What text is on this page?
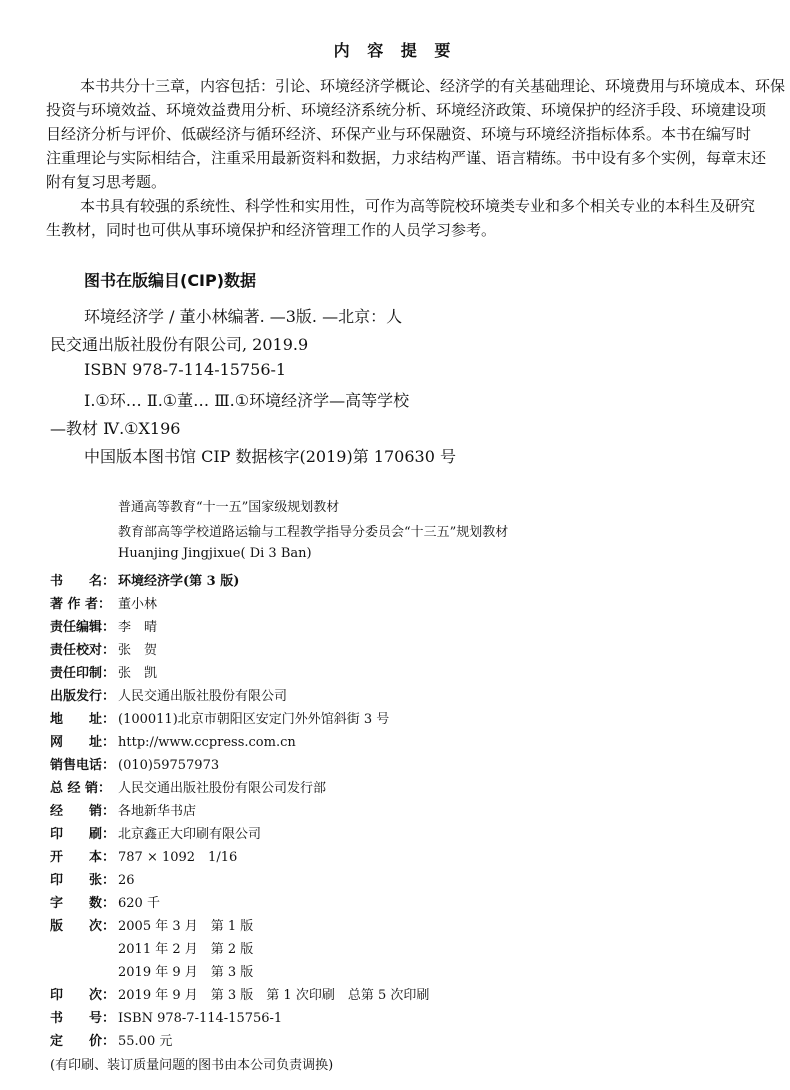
内 容 提 要
本书共分十三章，内容包括：引论、环境经济学概论、经济学的有关基础理论、环境费用与环境成本、环保
投资与环境效益、环境效益费用分析、环境经济系统分析、环境经济政策、环境保护的经济手段、环境建设项
目经济分析与评价、低碳经济与循环经济、环保产业与环保融资、环境与环境经济指标体系。本书在编写时
注重理论与实际相结合，注重采用最新资料和数据，力求结构严谨、语言精练。书中设有多个实例，每章末还
附有复习思考题。
本书具有较强的系统性、科学性和实用性，可作为高等院校环境类专业和多个相关专业的本科生及研究
生教材，同时也可供从事环境保护和经济管理工作的人员学习参考。
图书在版编目(CIP)数据
环境经济学 / 董小林编著. —3版. —北京：人
民交通出版社股份有限公司, 2019.9
ISBN 978-7-114-15756-1
Ⅰ.①环… Ⅱ.①董… Ⅲ.①环境经济学—高等学校
—教材 Ⅳ.①X196
中国版本图书馆 CIP 数据核字(2019)第 170630 号
普通高等教育“十一五”国家级规划教材
教育部高等学校道路运输与工程教学指导分委员会“十三五”规划教材
Huanjing Jingjixue( Di 3 Ban)
书　　名： 环境经济学(第 3 版)
著 作 者： 董小林
责任编辑： 李　晴
责任校对： 张　贺
责任印制： 张　凯
出版发行： 人民交通出版社股份有限公司
地　　址： (100011)北京市朝阳区安定门外外馆斜街 3 号
网　　址： http://www.ccpress.com.cn
销售电话： (010)59757973
总 经 销： 人民交通出版社股份有限公司发行部
经　　销： 各地新华书店
印　　刷： 北京鑫正大印刷有限公司
开　　本： 787 × 1092　1/16
印　　张： 26
字　　数： 620 千
版　　次： 2005 年 3 月　第 1 版
2011 年 2 月　第 2 版
2019 年 9 月　第 3 版
印　　次： 2019 年 9 月　第 3 版　第 1 次印刷　总第 5 次印刷
书　　号： ISBN 978-7-114-15756-1
定　　价： 55.00 元
(有印刷、装订质量问题的图书由本公司负责调换)
